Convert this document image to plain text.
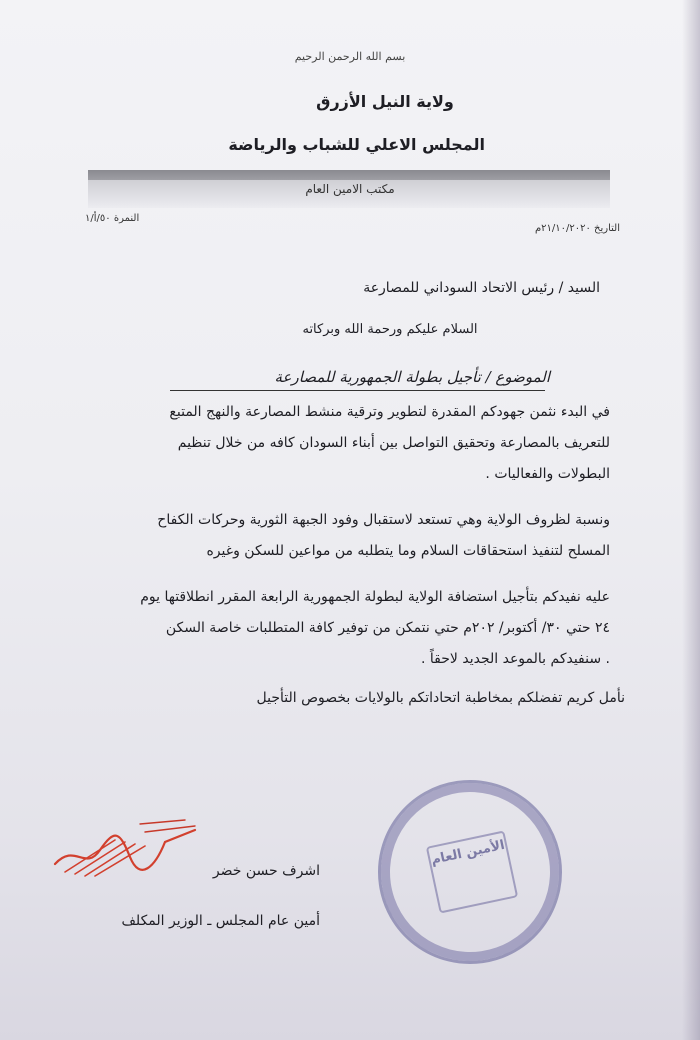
بسم الله الرحمن الرحيم
ولاية النيل الأزرق
المجلس الاعلي للشباب والرياضة
مكتب الامين العام
التاريخ ٢١/١٠/٢٠٢٠م
النمرة ٥٠/أ/١
السيد / رئيس الاتحاد السوداني للمصارعة
السلام عليكم ورحمة الله وبركاته
الموضوع / تأجيل بطولة الجمهورية للمصارعة
في البدء نثمن جهودكم المقدرة لتطوير وترقية منشط المصارعة والنهج المتبع
للتعريف بالمصارعة وتحقيق التواصل بين أبناء السودان كافه من خلال تنظيم
البطولات والفعاليات .
ونسبة لظروف الولاية وهي تستعد لاستقبال وفود الجبهة الثورية وحركات الكفاح
المسلح لتنفيذ استحقاقات السلام وما يتطلبه من مواعين للسكن وغيره
عليه نفيدكم بتأجيل استضافة الولاية لبطولة الجمهورية الرابعة المقرر انطلاقتها يوم
٢٤ حتي ٣٠/ أكتوبر/ ٢٠٢م حتي نتمكن من توفير كافة المتطلبات خاصة السكن
. سنفيدكم بالموعد الجديد لاحقاً .
نأمل كريم تفضلكم بمخاطبة اتحاداتكم بالولايات بخصوص التأجيل
اشرف حسن خضر
أمين عام المجلس ـ الوزير المكلف
الأمين العام
